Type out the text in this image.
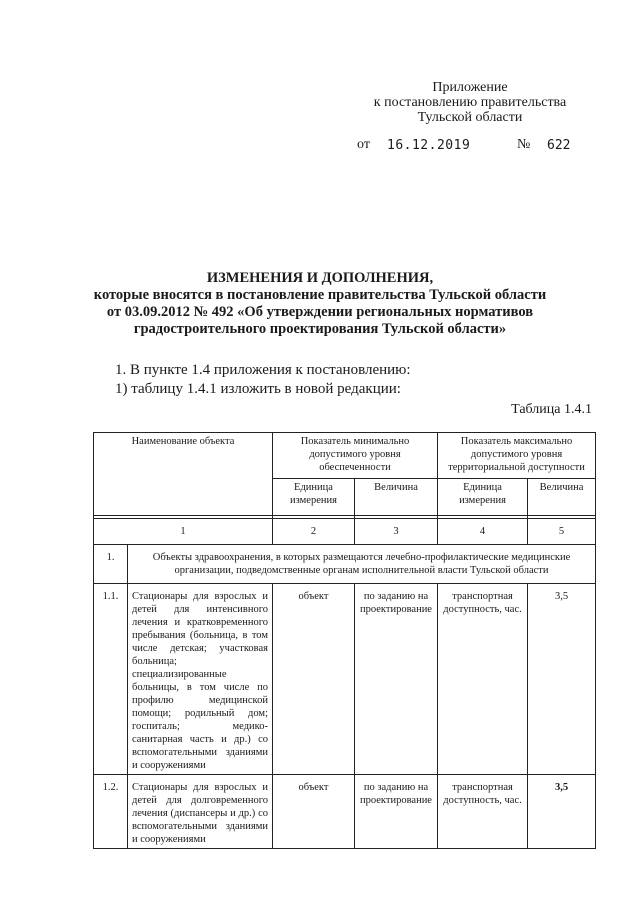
Приложение
к постановлению правительства
Тульской области
от 16.12.2019	№ 622
ИЗМЕНЕНИЯ И ДОПОЛНЕНИЯ,
которые вносятся в постановление правительства Тульской области
от 03.09.2012 № 492 «Об утверждении региональных нормативов
градостроительного проектирования Тульской области»
1. В пункте 1.4 приложения к постановлению:
1) таблицу 1.4.1 изложить в новой редакции:
Таблица 1.4.1
Наименование объекта		Показатель минимально допустимого уровня обеспеченности		Показатель максимально допустимого уровня территориальной доступности	
		Единица измерения	Величина	Единица измерения	Величина

1		2	3	4	5
1.	Объекты здравоохранения, в которых размещаются лечебно-профилактические медицинские организации, подведомственные органам исполнительной власти Тульской области				
1.1.	Стационары для взрослых и детей для интенсивного лечения и кратковременного пребывания (больница, в том числе детская; участковая больница; специализированные больницы, в том числе по профилю медицинской помощи; родильный дом; госпиталь; медико-санитарная часть и др.) со вспомогательными зданиями и сооружениями	объект	по заданию на проектирование	транспортная доступность, час.	3,5
1.2.	Стационары для взрослых и детей для долговременного лечения (диспансеры и др.) со вспомогательными зданиями и сооружениями	объект	по заданию на проектирование	транспортная доступность, час.	3,5
